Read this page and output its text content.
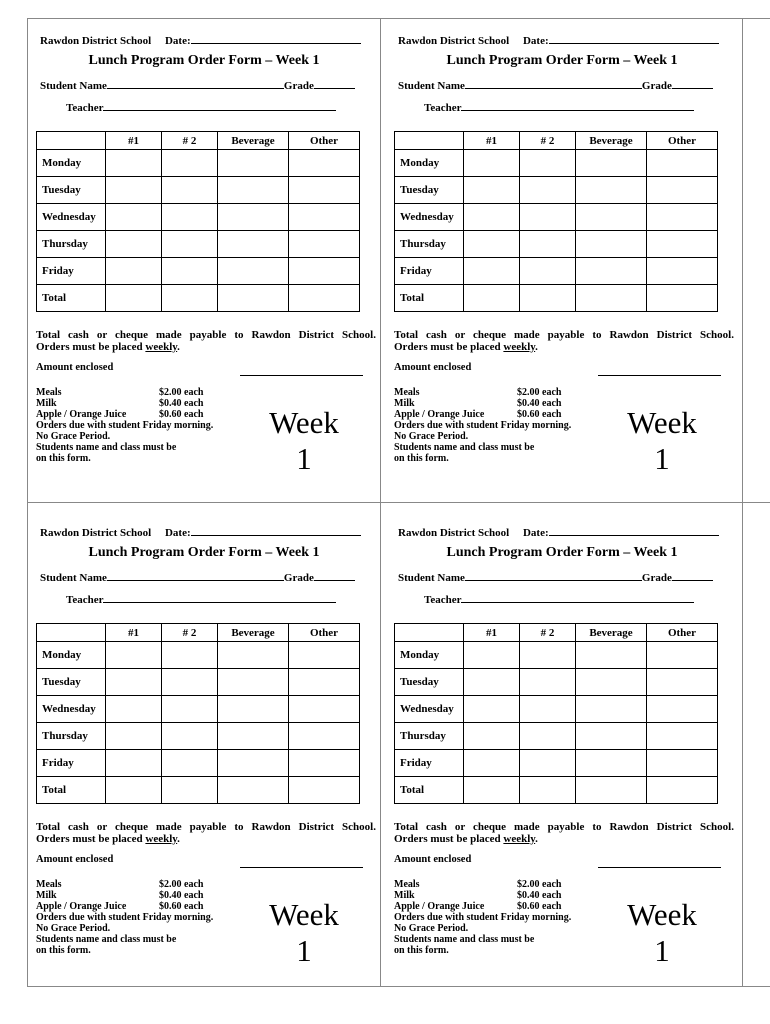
Rawdon District School Date:
Lunch Program Order Form – Week 1
Student Name	Grade
Teacher
	#1	# 2	Beverage	Other
Monday				
Tuesday				
Wednesday				
Thursday				
Friday				
Total				
Total cash or cheque made payable to Rawdon District School.
Orders must be placed weekly.
Amount enclosed
Meals	$2.00 each
Milk	$0.40 each
Apple / Orange Juice	$0.60 each
Orders due with student Friday morning.
No Grace Period.
Students name and class must be
on this form.
Week
1
Rawdon District School Date:
Lunch Program Order Form – Week 1
Student Name	Grade
Teacher
	#1	# 2	Beverage	Other
Monday				
Tuesday				
Wednesday				
Thursday				
Friday				
Total				
Total cash or cheque made payable to Rawdon District School.
Orders must be placed weekly.
Amount enclosed
Meals	$2.00 each
Milk	$0.40 each
Apple / Orange Juice	$0.60 each
Orders due with student Friday morning.
No Grace Period.
Students name and class must be
on this form.
Week
1
Rawdon District School Date:
Lunch Program Order Form – Week 1
Student Name	Grade
Teacher
	#1	# 2	Beverage	Other
Monday				
Tuesday				
Wednesday				
Thursday				
Friday				
Total				
Total cash or cheque made payable to Rawdon District School.
Orders must be placed weekly.
Amount enclosed
Meals	$2.00 each
Milk	$0.40 each
Apple / Orange Juice	$0.60 each
Orders due with student Friday morning.
No Grace Period.
Students name and class must be
on this form.
Week
1
Rawdon District School Date:
Lunch Program Order Form – Week 1
Student Name	Grade
Teacher
	#1	# 2	Beverage	Other
Monday				
Tuesday				
Wednesday				
Thursday				
Friday				
Total				
Total cash or cheque made payable to Rawdon District School.
Orders must be placed weekly.
Amount enclosed
Meals	$2.00 each
Milk	$0.40 each
Apple / Orange Juice	$0.60 each
Orders due with student Friday morning.
No Grace Period.
Students name and class must be
on this form.
Week
1
